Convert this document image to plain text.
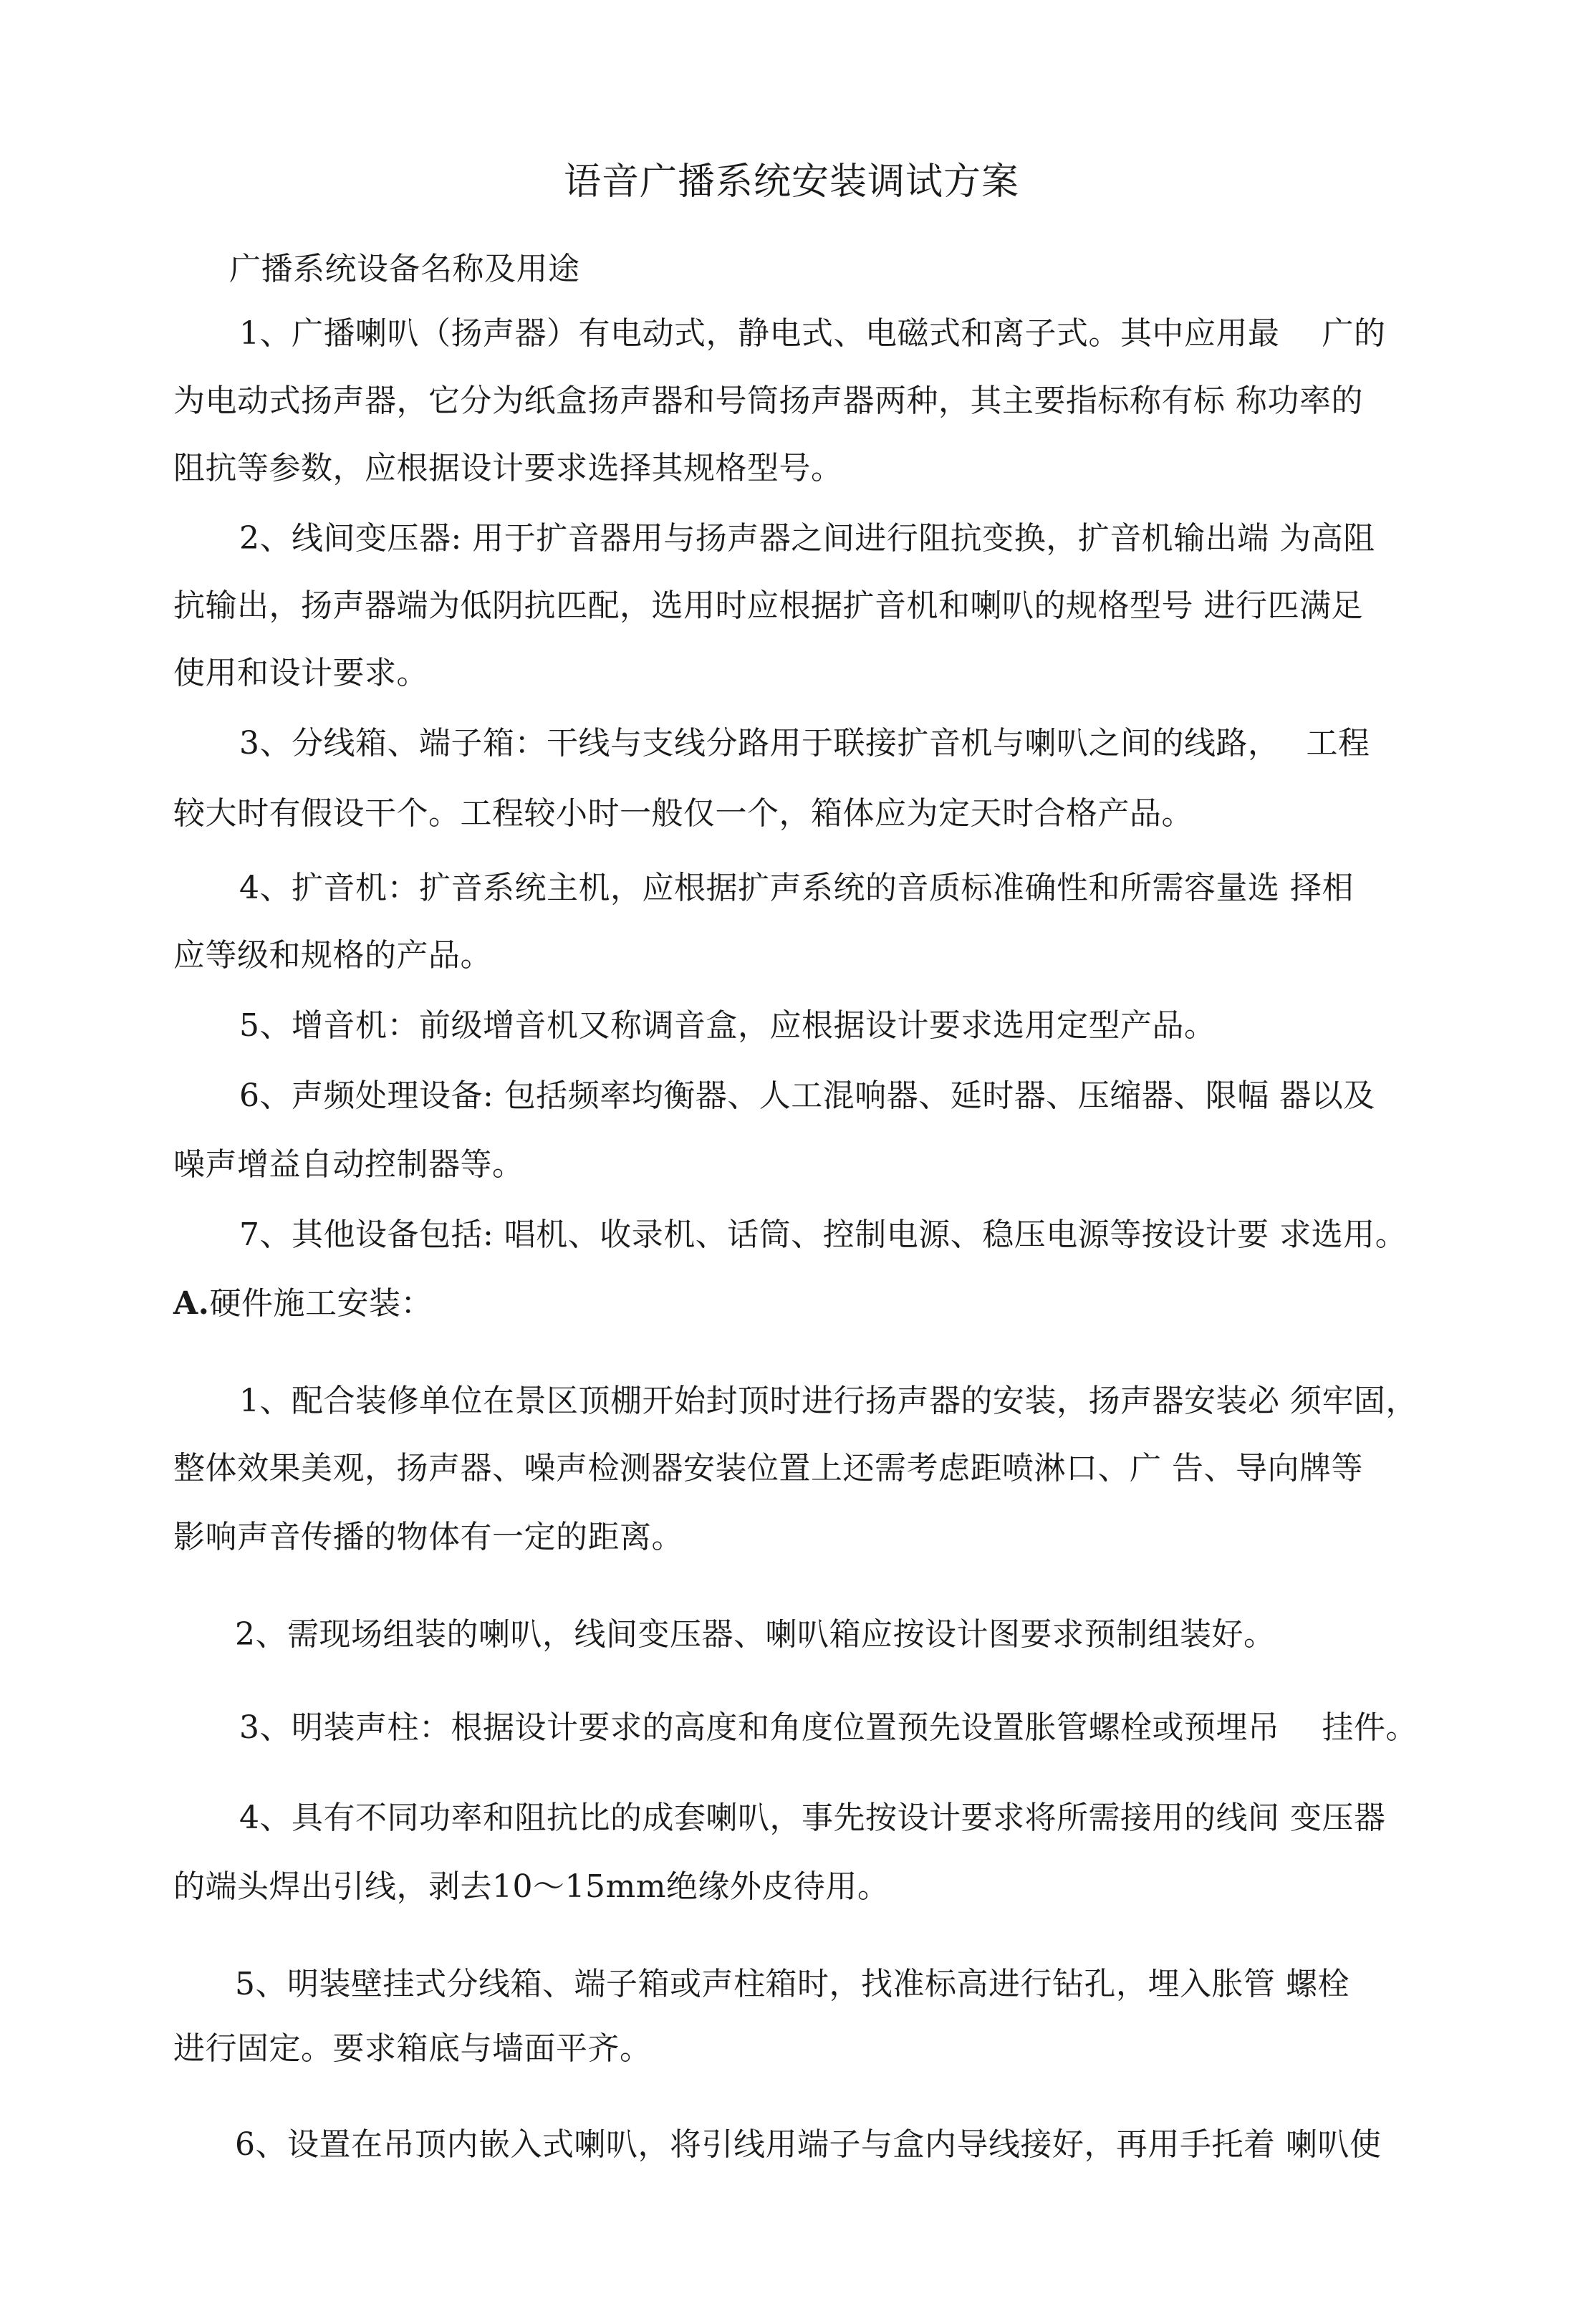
语音广播系统安装调试方案
广播系统设备名称及用途
1、广播喇叭（扬声器）有电动式，静电式、电磁式和离子式。其中应用最　 广的
为电动式扬声器，它分为纸盒扬声器和号筒扬声器两种，其主要指标称有标 称功率的
阻抗等参数，应根据设计要求选择其规格型号。
2、线间变压器: 用于扩音器用与扬声器之间进行阻抗变换，扩音机输出端 为高阻
抗输出，扬声器端为低阴抗匹配，选用时应根据扩音机和喇叭的规格型号 进行匹满足
使用和设计要求。
3、分线箱、端子箱：干线与支线分路用于联接扩音机与喇叭之间的线路，　 工程
较大时有假设干个。工程较小时一般仅一个，箱体应为定天时合格产品。
4、扩音机：扩音系统主机，应根据扩声系统的音质标准确性和所需容量选 择相
应等级和规格的产品。
5、增音机：前级增音机又称调音盒，应根据设计要求选用定型产品。
6、声频处理设备: 包括频率均衡器、人工混响器、延时器、压缩器、限幅 器以及
噪声增益自动控制器等。
7、其他设备包括: 唱机、收录机、话筒、控制电源、稳压电源等按设计要 求选用。
A.硬件施工安装：
1、配合装修单位在景区顶棚开始封顶时进行扬声器的安装，扬声器安装必 须牢固，
整体效果美观，扬声器、噪声检测器安装位置上还需考虑距喷淋口、广 告、导向牌等
影响声音传播的物体有一定的距离。
2、需现场组装的喇叭，线间变压器、喇叭箱应按设计图要求预制组装好。
3、明装声柱：根据设计要求的高度和角度位置预先设置胀管螺栓或预埋吊　 挂件。
4、具有不同功率和阻抗比的成套喇叭，事先按设计要求将所需接用的线间 变压器
的端头焊出引线，剥去10〜15mm绝缘外皮待用。
5、明装壁挂式分线箱、端子箱或声柱箱时，找准标高进行钻孔，埋入胀管 螺栓
进行固定。要求箱底与墙面平齐。
6、设置在吊顶内嵌入式喇叭，将引线用端子与盒内导线接好，再用手托着 喇叭使
